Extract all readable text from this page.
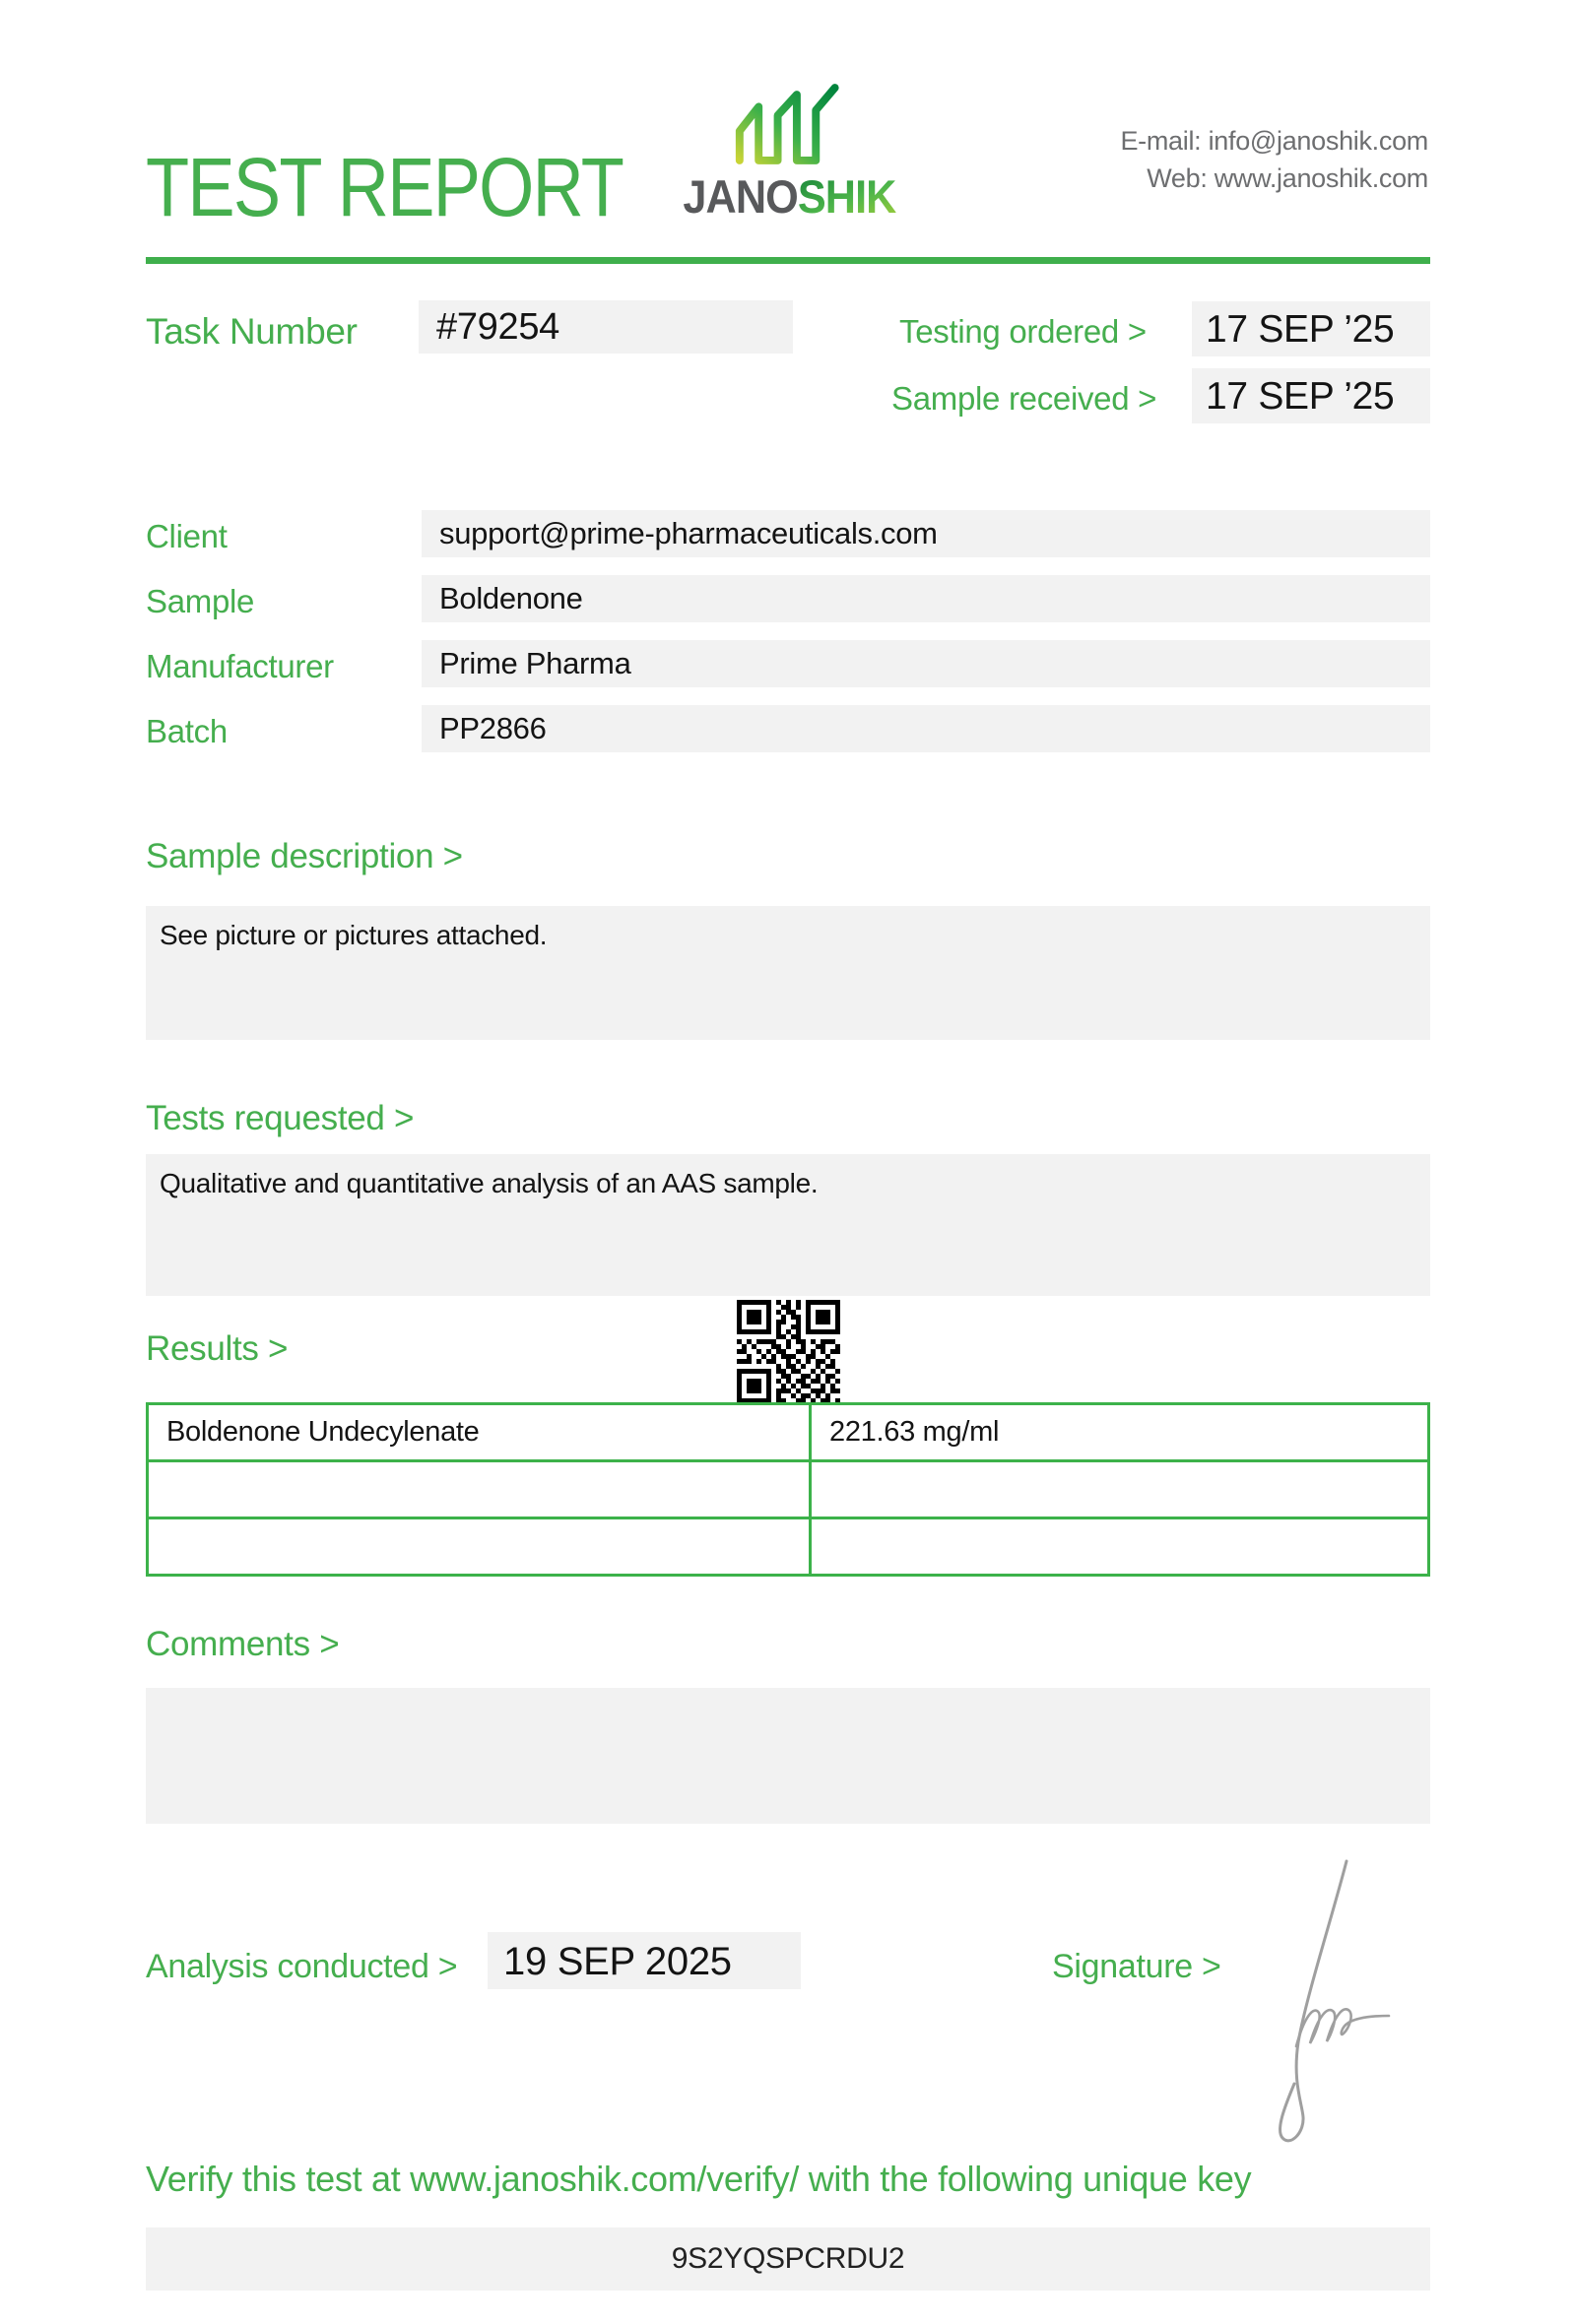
TEST REPORT	JANOSHIK
E-mail: info@janoshik.com
Web: www.janoshik.com
Task Number	#79254	Testing ordered >	17 SEP ’25
Sample received >	17 SEP ’25
Client	support@prime-pharmaceuticals.com
Sample	Boldenone
Manufacturer	Prime Pharma
Batch	PP2866
Sample description >
See picture or pictures attached.
Tests requested >
Qualitative and quantitative analysis of an AAS sample.
Results >
Boldenone Undecylenate	221.63 mg/ml

Comments >
Analysis conducted >	19 SEP 2025	Signature >
Verify this test at www.janoshik.com/verify/ with the following unique key
9S2YQSPCRDU2
